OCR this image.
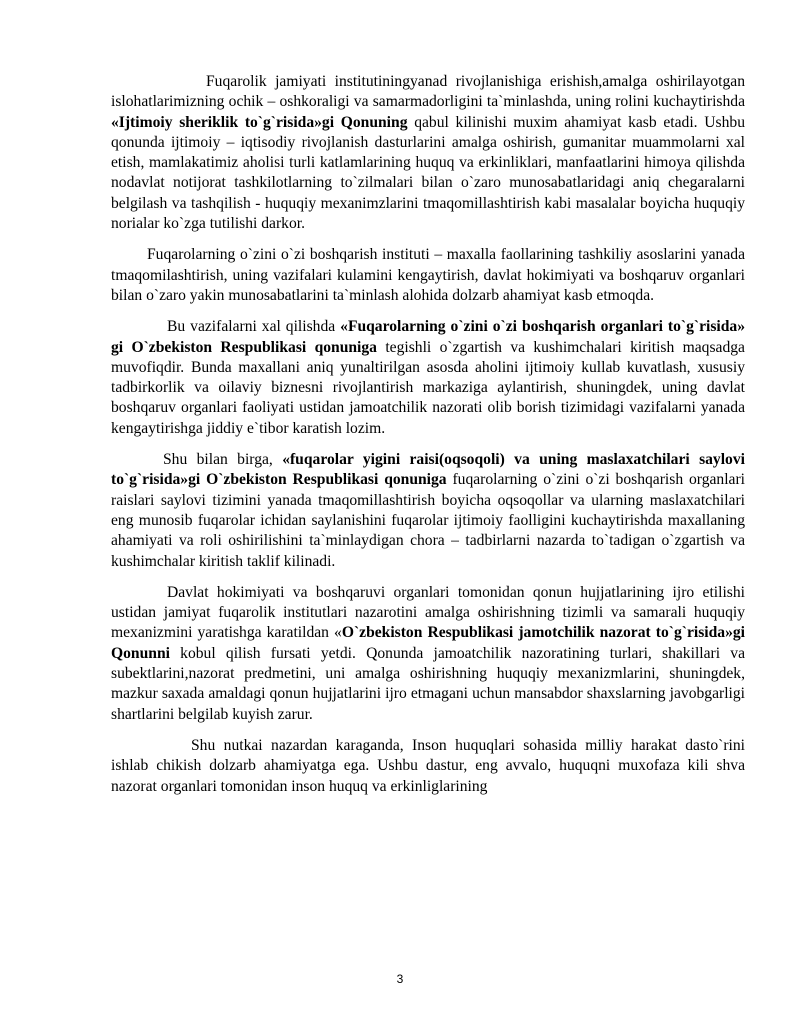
Fuqarolik jamiyati institutiningyanad rivojlanishiga erishish,amalga oshirilayotgan islohatlarimizning ochik – oshkoraligi va samarmadorligini ta`minlashda, uning rolini kuchaytirishda «Ijtimoiy sheriklik to`g`risida»gi Qonuning qabul kilinishi muxim ahamiyat kasb etadi. Ushbu qonunda ijtimoiy – iqtisodiy rivojlanish dasturlarini amalga oshirish, gumanitar muammolarni xal etish, mamlakatimiz aholisi turli katlamlarining huquq va erkinliklari, manfaatlarini himoya qilishda nodavlat notijorat tashkilotlarning to`zilmalari bilan o`zaro munosabatlaridagi aniq chegaralarni belgilash va tashqilish - huquqiy mexanimzlarini tmaqomillashtirish kabi masalalar boyicha huquqiy norialar ko`zga tutilishi darkor.

Fuqarolarning o`zini o`zi boshqarish instituti – maxalla faollarining tashkiliy asoslarini yanada tmaqomilashtirish, uning vazifalari kulamini kengaytirish, davlat hokimiyati va boshqaruv organlari bilan o`zaro yakin munosabatlarini ta`minlash alohida dolzarb ahamiyat kasb etmoqda.

Bu vazifalarni xal qilishda «Fuqarolarning o`zini o`zi boshqarish organlari to`g`risida» gi O`zbekiston Respublikasi qonuniga tegishli o`zgartish va kushimchalari kiritish maqsadga muvofiqdir. Bunda maxallani aniq yunaltirilgan asosda aholini ijtimoiy kullab kuvatlash, xususiy tadbirkorlik va oilaviy biznesni rivojlantirish markaziga aylantirish, shuningdek, uning davlat boshqaruv organlari faoliyati ustidan jamoatchilik nazorati olib borish tizimidagi vazifalarni yanada kengaytirishga jiddiy e`tibor karatish lozim.

Shu bilan birga, «fuqarolar yigini raisi(oqsoqoli) va uning maslaxatchilari saylovi to`g`risida»gi O`zbekiston Respublikasi qonuniga fuqarolarning o`zini o`zi boshqarish organlari raislari saylovi tizimini yanada tmaqomillashtirish boyicha oqsoqollar va ularning maslaxatchilari eng munosib fuqarolar ichidan saylanishini fuqarolar ijtimoiy faolligini kuchaytirishda maxallaning ahamiyati va roli oshirilishini ta`minlaydigan chora – tadbirlarni nazarda to`tadigan o`zgartish va kushimchalar kiritish taklif kilinadi.

Davlat hokimiyati va boshqaruvi organlari tomonidan qonun hujjatlarining ijro etilishi ustidan jamiyat fuqarolik institutlari nazarotini amalga oshirishning tizimli va samarali huquqiy mexanizmini yaratishga karatildan «O`zbekiston Respublikasi jamotchilik nazorat to`g`risida»gi Qonunni kobul qilish fursati yetdi. Qonunda jamoatchilik nazoratining turlari, shakillari va subektlarini,nazorat predmetini, uni amalga oshirishning huquqiy mexanizmlarini, shuningdek, mazkur saxada amaldagi qonun hujjatlarini ijro etmagani uchun mansabdor shaxslarning javobgarligi shartlarini belgilab kuyish zarur.

Shu nutkai nazardan karaganda, Inson huquqlari sohasida milliy harakat dasto`rini ishlab chikish dolzarb ahamiyatga ega. Ushbu dastur, eng avvalo, huquqni muxofaza kili shva nazorat organlari tomonidan inson huquq va erkinliglarining

3
